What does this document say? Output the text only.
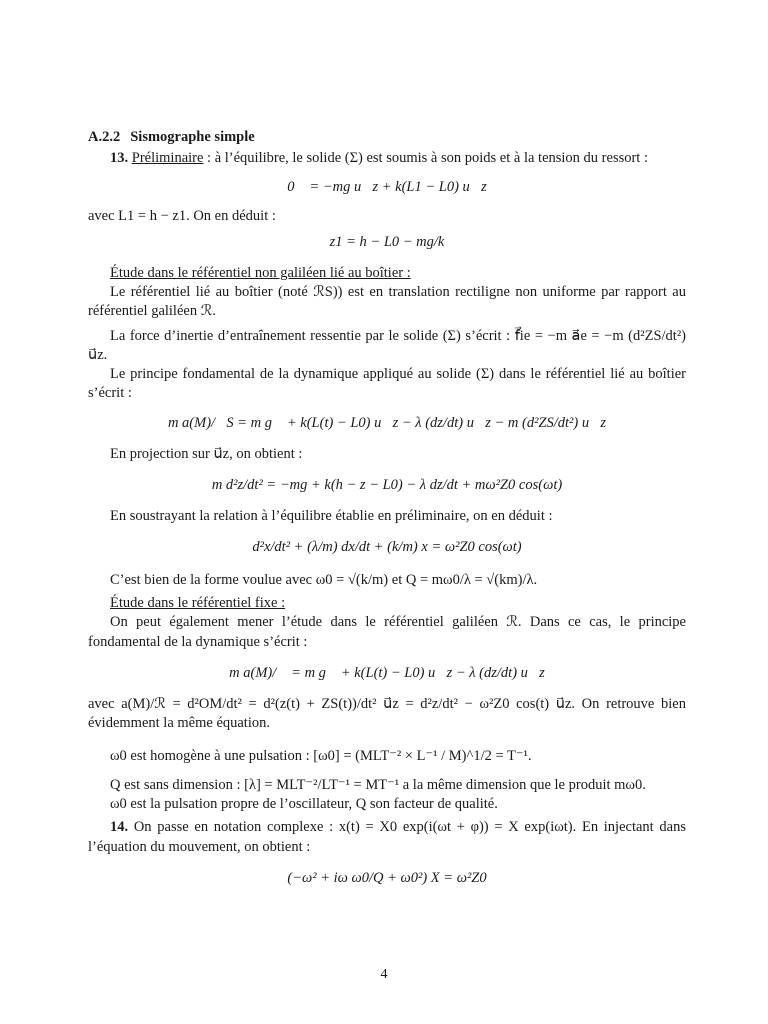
A.2.2 Sismographe simple

13. Préliminaire : à l’équilibre, le solide (Σ) est soumis à son poids et à la tension du ressort :

0⃗ = −mg u⃗z + k(L1 − L0) u⃗z

avec L1 = h − z1. On en déduit :

z1 = h − L0 − mg/k

Étude dans le référentiel non galiléen lié au boîtier :

Le référentiel lié au boîtier (noté ℛS)) est en translation rectiligne non uniforme par rapport au référentiel galiléen ℛ.

La force d’inertie d’entraînement ressentie par le solide (Σ) s’écrit : f⃗ie = −m a⃗e = −m (d²ZS/dt²) u⃗z.

Le principe fondamental de la dynamique appliqué au solide (Σ) dans le référentiel lié au boîtier s’écrit :

m a(M)/ℛS = m g⃗ + k(L(t) − L0) u⃗z − λ (dz/dt) u⃗z − m (d²ZS/dt²) u⃗z

En projection sur u⃗z, on obtient :

m d²z/dt² = −mg + k(h − z − L0) − λ dz/dt + mω²Z0 cos(ωt)

En soustrayant la relation à l’équilibre établie en préliminaire, on en déduit :

d²x/dt² + (λ/m) dx/dt + (k/m) x = ω²Z0 cos(ωt)

C’est bien de la forme voulue avec ω0 = √(k/m) et Q = mω0/λ = √(km)/λ.

Étude dans le référentiel fixe :

On peut également mener l’étude dans le référentiel galiléen ℛ. Dans ce cas, le principe fondamental de la dynamique s’écrit :

m a(M)/ℛ = m g⃗ + k(L(t) − L0) u⃗z − λ (dz/dt) u⃗z

avec a(M)/ℛ = d²OM/dt² = d²(z(t) + ZS(t))/dt² u⃗z = d²z/dt² − ω²Z0 cos(t) u⃗z. On retrouve bien évidemment la même équation.

ω0 est homogène à une pulsation : [ω0] = (MLT⁻² × L⁻¹ / M)^1/2 = T⁻¹.

Q est sans dimension : [λ] = MLT⁻²/LT⁻¹ = MT⁻¹ a la même dimension que le produit mω0.

ω0 est la pulsation propre de l’oscillateur, Q son facteur de qualité.

14. On passe en notation complexe : x(t) = X0 exp(i(ωt + φ)) = X exp(iωt). En injectant dans l’équation du mouvement, on obtient :

(−ω² + iω ω0/Q + ω0²) X = ω²Z0
4
